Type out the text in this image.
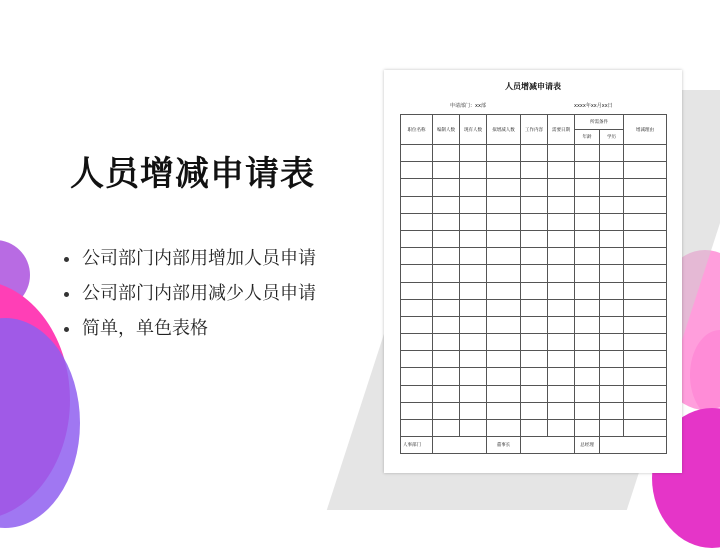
人员增减申请表
公司部门内部用增加人员申请
公司部门内部用减少人员申请
简单，单色表格
人员增减申请表
申请部门：xx部	xxxx年xx月xx日
职位名称	编制人数	现有人数	拟增减人数	工作内容	需要日期	所需条件		增减理由
						年龄	学历	

人事部门			董事长			总经理		
